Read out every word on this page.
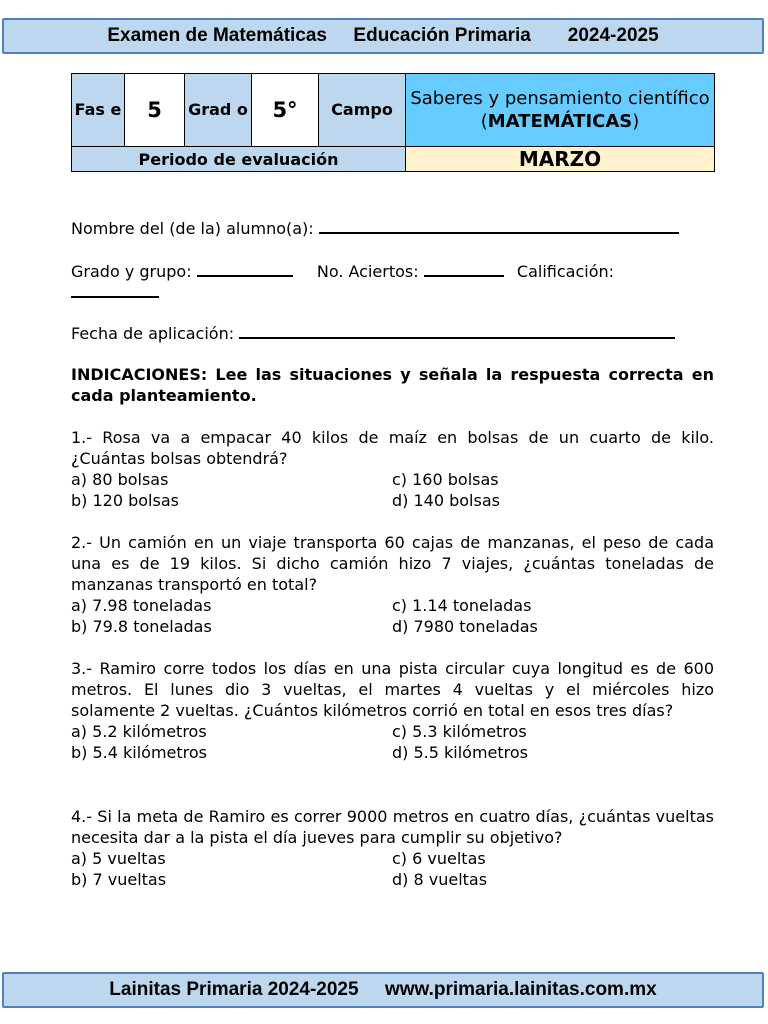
Examen de Matemáticas
Educación Primaria
2024-2025
Fas e	5	Grad o	5°	Campo	Saberes y pensamiento científico
(MATEMÁTICAS)
Periodo de evaluación					MARZO
Nombre del (de la) alumno(a):
Grado y grupo:	No. Aciertos:	Calificación:
Fecha de aplicación:
INDICACIONES: Lee las situaciones y señala la respuesta correcta en cada planteamiento.
1.- Rosa va a empacar 40 kilos de maíz en bolsas de un cuarto de kilo. ¿Cuántas bolsas obtendrá?
a) 80 bolsas
b) 120 bolsas
c) 160 bolsas
d) 140 bolsas
2.- Un camión en un viaje transporta 60 cajas de manzanas, el peso de cada una es de 19 kilos. Si dicho camión hizo 7 viajes, ¿cuántas toneladas de manzanas transportó en total?
a) 7.98 toneladas
b) 79.8 toneladas
c) 1.14 toneladas
d) 7980 toneladas
3.- Ramiro corre todos los días en una pista circular cuya longitud es de 600 metros. El lunes dio 3 vueltas, el martes 4 vueltas y el miércoles hizo solamente 2 vueltas. ¿Cuántos kilómetros corrió en total en esos tres días?
a) 5.2 kilómetros
b) 5.4 kilómetros
c) 5.3 kilómetros
d) 5.5 kilómetros
4.- Si la meta de Ramiro es correr 9000 metros en cuatro días, ¿cuántas vueltas necesita dar a la pista el día jueves para cumplir su objetivo?
a) 5 vueltas
b) 7 vueltas
c) 6 vueltas
d) 8 vueltas
Lainitas Primaria 2024-2025
www.primaria.lainitas.com.mx
